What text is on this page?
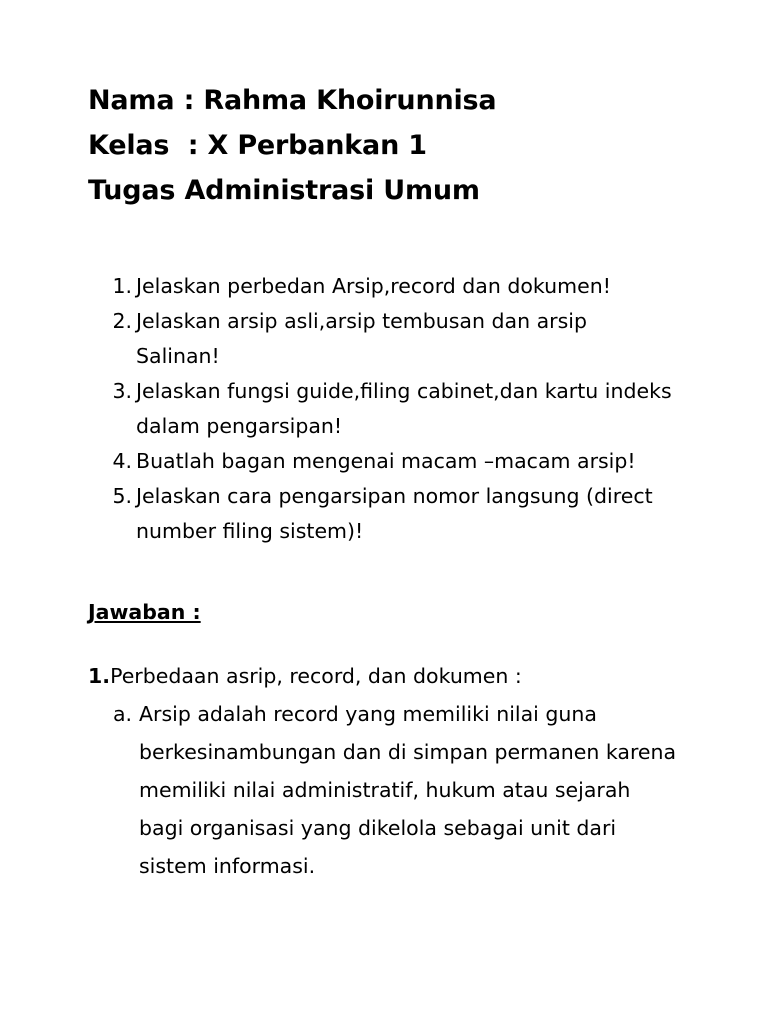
Nama : Rahma Khoirunnisa
Kelas  : X Perbankan 1
Tugas Administrasi Umum
1. Jelaskan perbedan Arsip,record dan dokumen!
2. Jelaskan arsip asli,arsip tembusan dan arsip Salinan!
3. Jelaskan fungsi guide,filing cabinet,dan kartu indeks dalam pengarsipan!
4. Buatlah bagan mengenai macam –macam arsip!
5. Jelaskan cara pengarsipan nomor langsung (direct number filing sistem)!
Jawaban :
1. Perbedaan asrip, record, dan dokumen :
a. Arsip adalah record yang memiliki nilai guna berkesinambungan dan di simpan permanen karena memiliki nilai administratif, hukum atau sejarah bagi organisasi yang dikelola sebagai unit dari sistem informasi.
